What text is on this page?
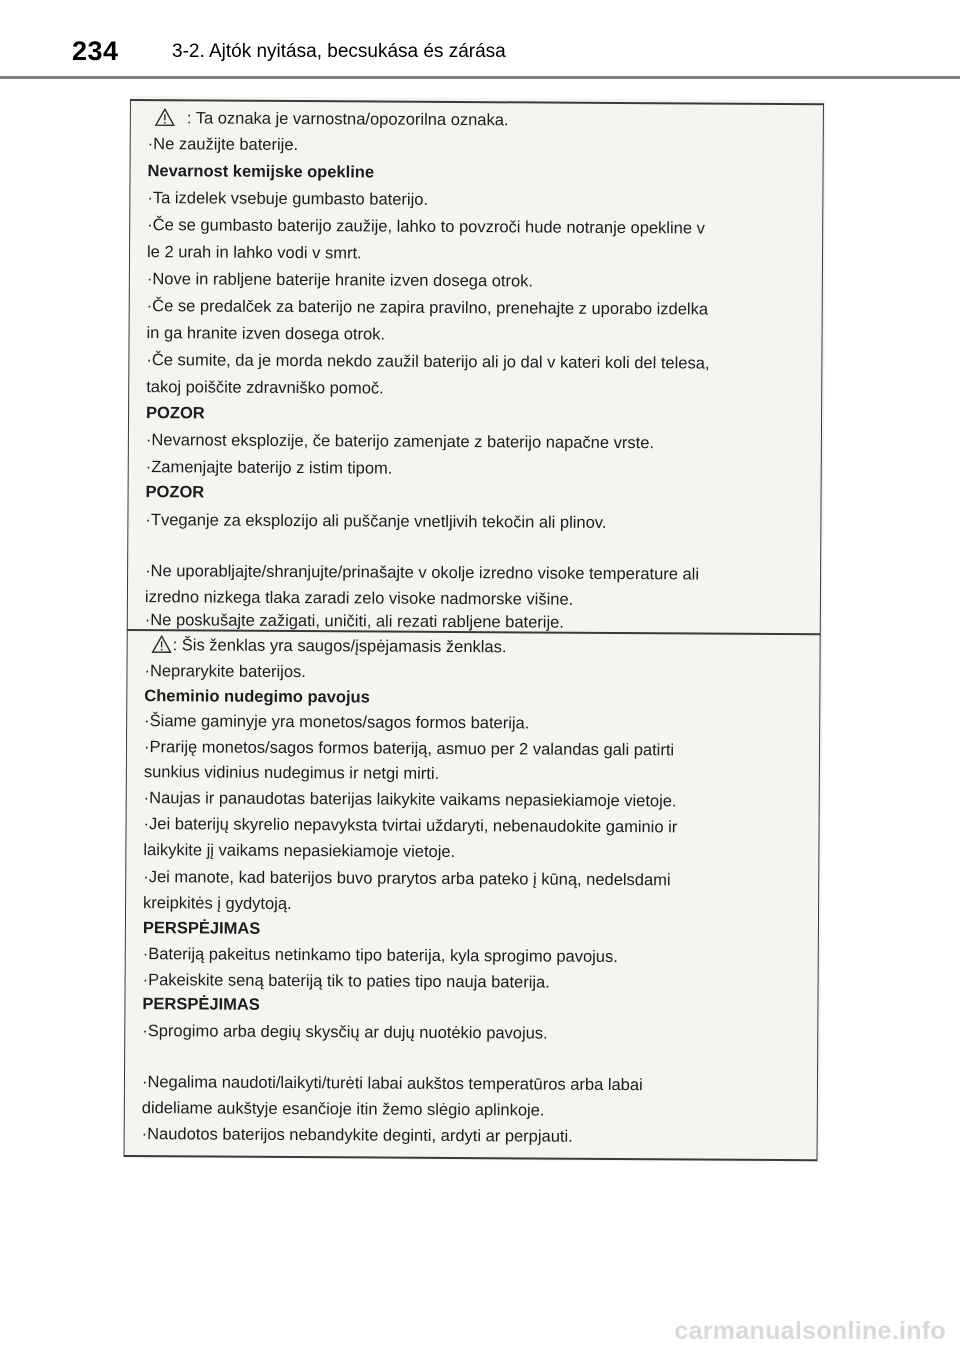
234	3-2. Ajtók nyitása, becsukása és zárása
: Ta oznaka je varnostna/opozorilna oznaka.
·Ne zaužijte baterije.
Nevarnost kemijske opekline
·Ta izdelek vsebuje gumbasto baterijo.
·Če se gumbasto baterijo zaužije, lahko to povzroči hude notranje opekline v
le 2 urah in lahko vodi v smrt.
·Nove in rabljene baterije hranite izven dosega otrok.
·Če se predalček za baterijo ne zapira pravilno, prenehajte z uporabo izdelka
in ga hranite izven dosega otrok.
·Če sumite, da je morda nekdo zaužil baterijo ali jo dal v kateri koli del telesa,
takoj poiščite zdravniško pomoč.
POZOR
·Nevarnost eksplozije, če baterijo zamenjate z baterijo napačne vrste.
·Zamenjajte baterijo z istim tipom.
POZOR
·Tveganje za eksplozijo ali puščanje vnetljivih tekočin ali plinov.
·Ne uporabljajte/shranjujte/prinašajte v okolje izredno visoke temperature ali
izredno nizkega tlaka zaradi zelo visoke nadmorske višine.
·Ne poskušajte zažigati, uničiti, ali rezati rabljene baterije.
: Šis ženklas yra saugos/įspėjamasis ženklas.
·Neprarykite baterijos.
Cheminio nudegimo pavojus
·Šiame gaminyje yra monetos/sagos formos baterija.
·Prariję monetos/sagos formos bateriją, asmuo per 2 valandas gali patirti
sunkius vidinius nudegimus ir netgi mirti.
·Naujas ir panaudotas baterijas laikykite vaikams nepasiekiamoje vietoje.
·Jei baterijų skyrelio nepavyksta tvirtai uždaryti, nebenaudokite gaminio ir
laikykite jį vaikams nepasiekiamoje vietoje.
·Jei manote, kad baterijos buvo prarytos arba pateko į kūną, nedelsdami
kreipkitės į gydytoją.
PERSPĖJIMAS
·Bateriją pakeitus netinkamo tipo baterija, kyla sprogimo pavojus.
·Pakeiskite seną bateriją tik to paties tipo nauja baterija.
PERSPĖJIMAS
·Sprogimo arba degių skysčių ar dujų nuotėkio pavojus.
·Negalima naudoti/laikyti/turėti labai aukštos temperatūros arba labai
dideliame aukštyje esančioje itin žemo slėgio aplinkoje.
·Naudotos baterijos nebandykite deginti, ardyti ar perpjauti.
carmanualsonline.info
